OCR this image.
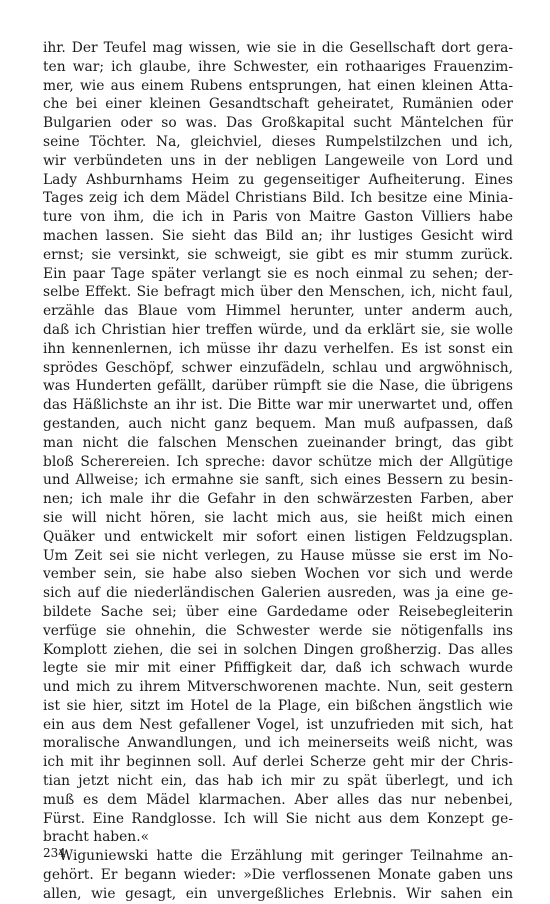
ihr. Der Teufel mag wissen, wie sie in die Gesellschaft dort gera-
ten war; ich glaube, ihre Schwester, ein rothaariges Frauenzim-
mer, wie aus einem Rubens entsprungen, hat einen kleinen Atta-
che bei einer kleinen Gesandtschaft geheiratet, Rumänien oder
Bulgarien oder so was. Das Großkapital sucht Mäntelchen für
seine Töchter. Na, gleichviel, dieses Rumpelstilzchen und ich,
wir verbündeten uns in der nebligen Langeweile von Lord und
Lady Ashburnhams Heim zu gegenseitiger Aufheiterung. Eines
Tages zeig ich dem Mädel Christians Bild. Ich besitze eine Minia-
ture von ihm, die ich in Paris von Maitre Gaston Villiers habe
machen lassen. Sie sieht das Bild an; ihr lustiges Gesicht wird
ernst; sie versinkt, sie schweigt, sie gibt es mir stumm zurück.
Ein paar Tage später verlangt sie es noch einmal zu sehen; der-
selbe Effekt. Sie befragt mich über den Menschen, ich, nicht faul,
erzähle das Blaue vom Himmel herunter, unter anderm auch,
daß ich Christian hier treffen würde, und da erklärt sie, sie wolle
ihn kennenlernen, ich müsse ihr dazu verhelfen. Es ist sonst ein
sprödes Geschöpf, schwer einzufädeln, schlau und argwöhnisch,
was Hunderten gefällt, darüber rümpft sie die Nase, die übrigens
das Häßlichste an ihr ist. Die Bitte war mir unerwartet und, offen
gestanden, auch nicht ganz bequem. Man muß aufpassen, daß
man nicht die falschen Menschen zueinander bringt, das gibt
bloß Scherereien. Ich spreche: davor schütze mich der Allgütige
und Allweise; ich ermahne sie sanft, sich eines Bessern zu besin-
nen; ich male ihr die Gefahr in den schwärzesten Farben, aber
sie will nicht hören, sie lacht mich aus, sie heißt mich einen
Quäker und entwickelt mir sofort einen listigen Feldzugsplan.
Um Zeit sei sie nicht verlegen, zu Hause müsse sie erst im No-
vember sein, sie habe also sieben Wochen vor sich und werde
sich auf die niederländischen Galerien ausreden, was ja eine ge-
bildete Sache sei; über eine Gardedame oder Reisebegleiterin
verfüge sie ohnehin, die Schwester werde sie nötigenfalls ins
Komplott ziehen, die sei in solchen Dingen großherzig. Das alles
legte sie mir mit einer Pfiffigkeit dar, daß ich schwach wurde
und mich zu ihrem Mitverschworenen machte. Nun, seit gestern
ist sie hier, sitzt im Hotel de la Plage, ein bißchen ängstlich wie
ein aus dem Nest gefallener Vogel, ist unzufrieden mit sich, hat
moralische Anwandlungen, und ich meinerseits weiß nicht, was
ich mit ihr beginnen soll. Auf derlei Scherze geht mir der Chris-
tian jetzt nicht ein, das hab ich mir zu spät überlegt, und ich
muß es dem Mädel klarmachen. Aber alles das nur nebenbei,
Fürst. Eine Randglosse. Ich will Sie nicht aus dem Konzept ge-
bracht haben.«
Wiguniewski hatte die Erzählung mit geringer Teilnahme an-
gehört. Er begann wieder: »Die verflossenen Monate gaben uns
allen, wie gesagt, ein unvergeßliches Erlebnis. Wir sahen ein
234
